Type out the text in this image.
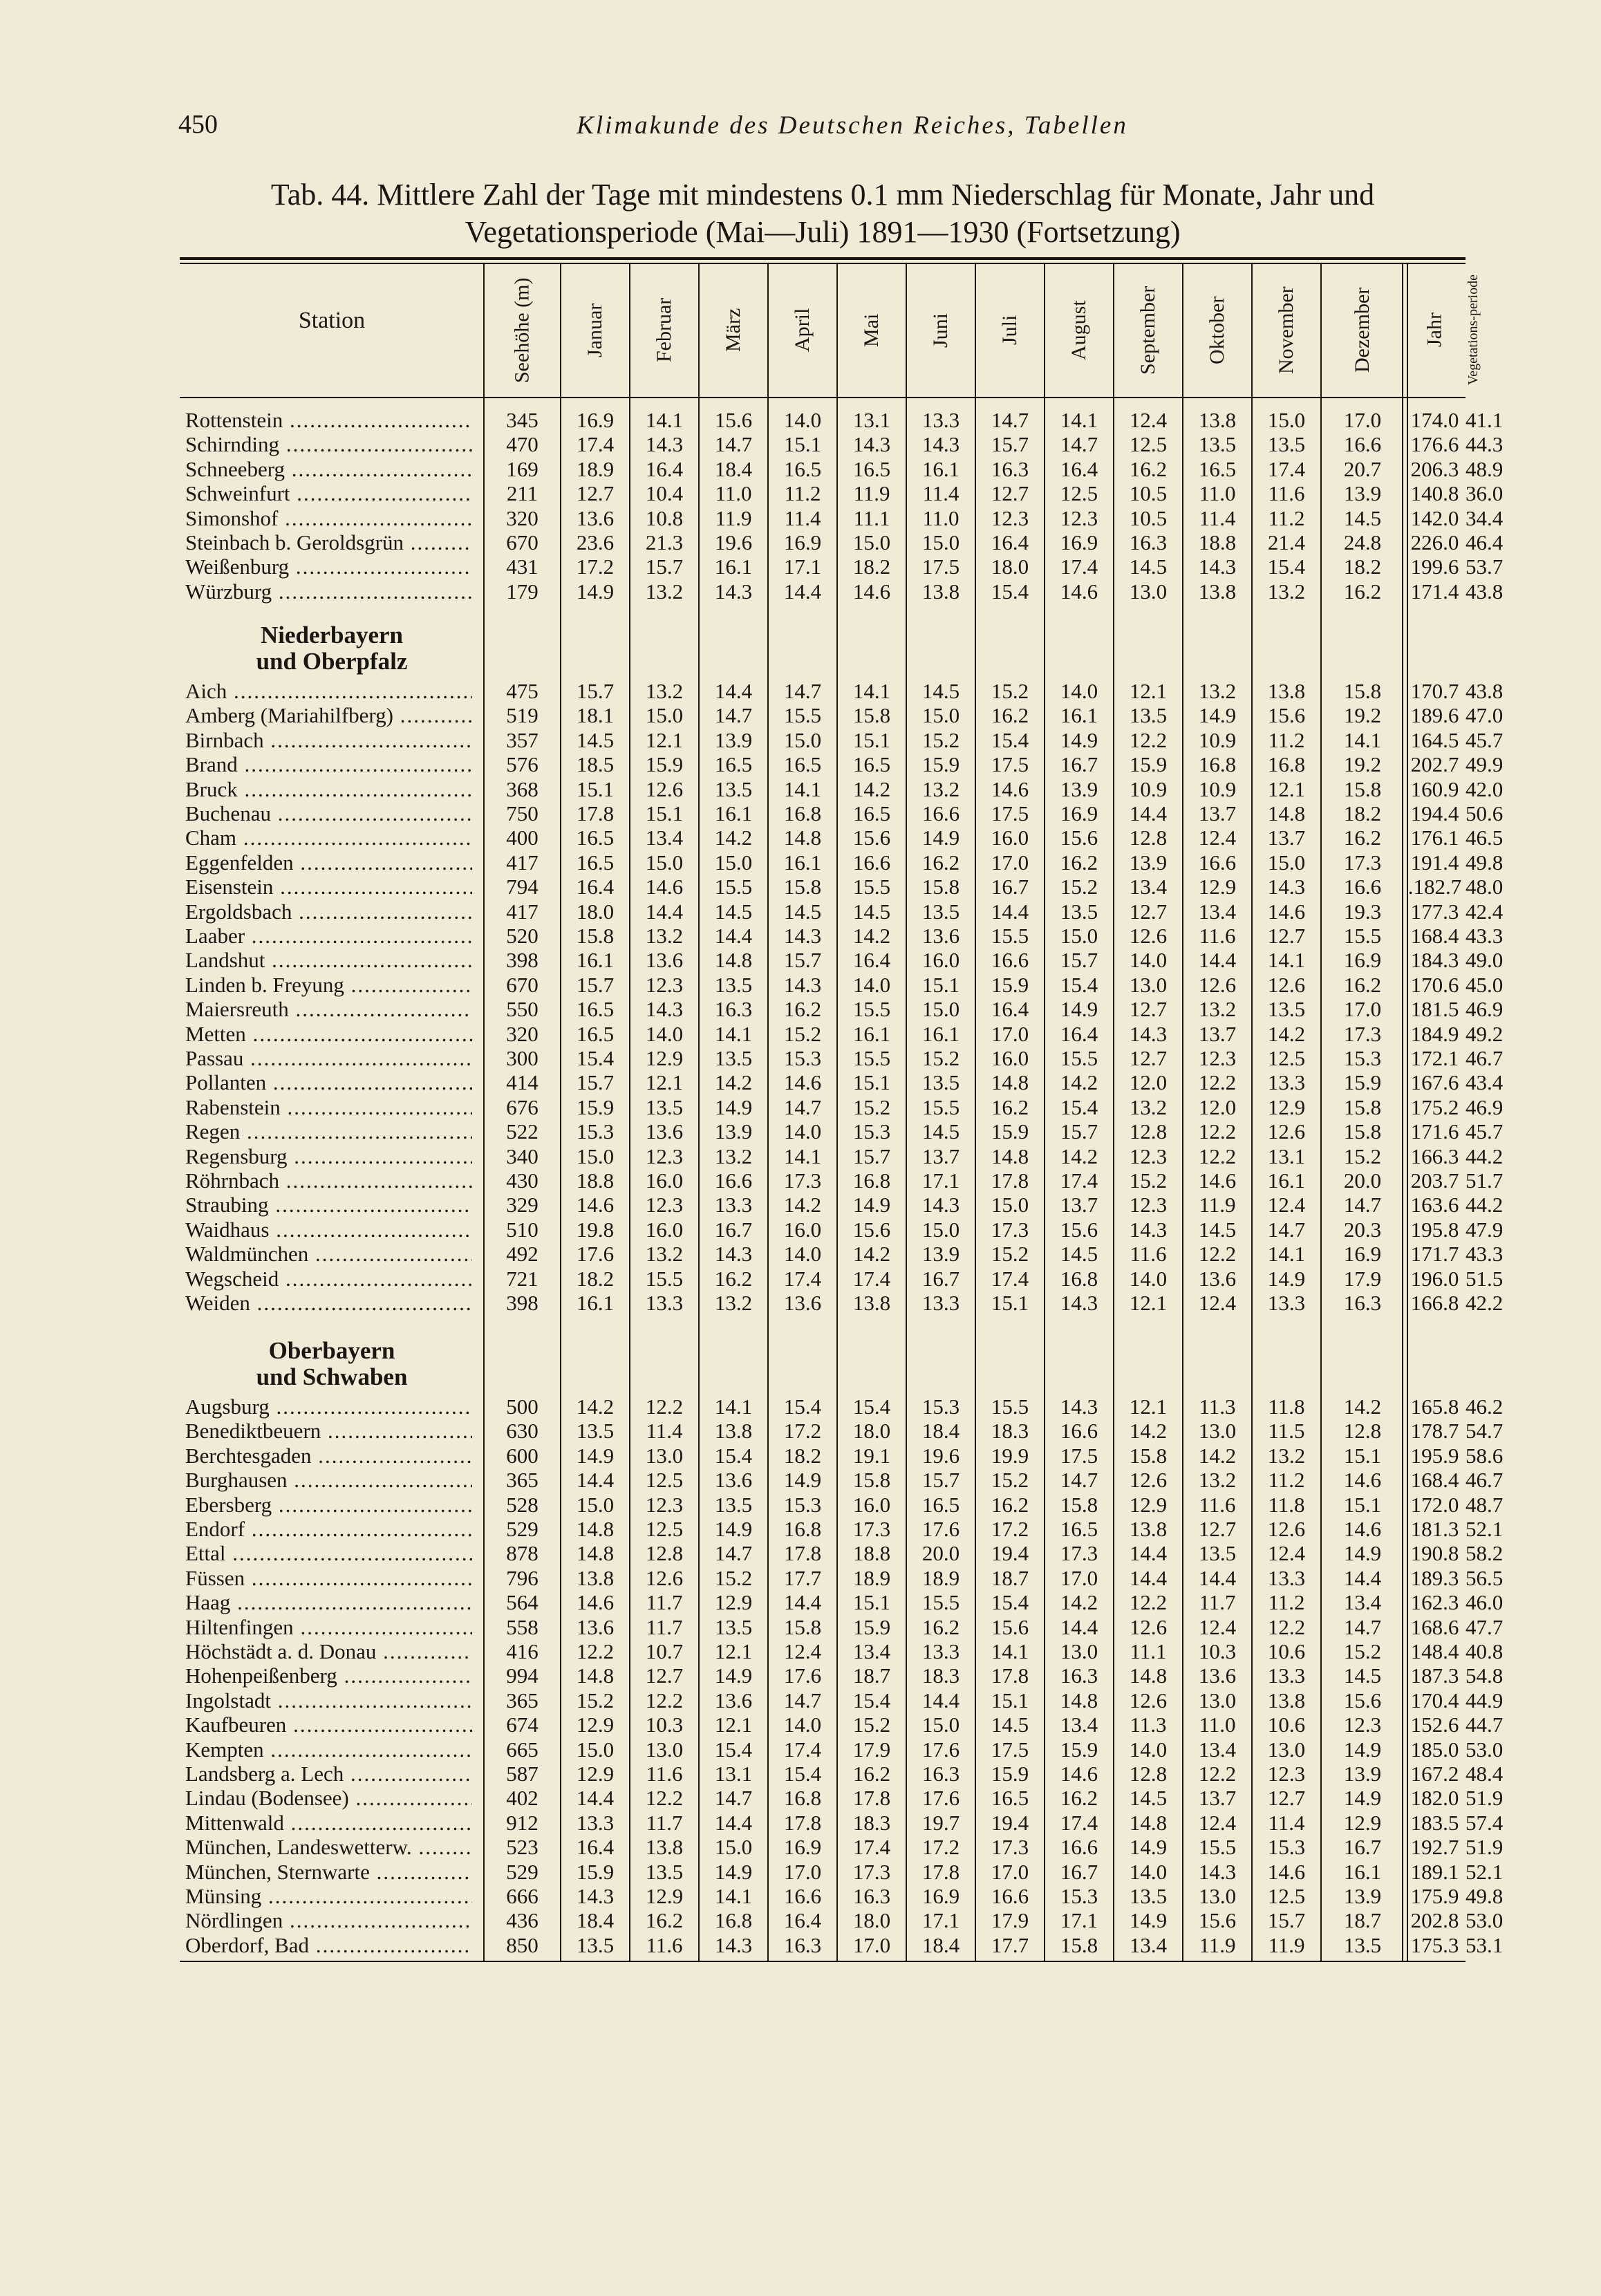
450	Klimakunde des Deutschen Reiches, Tabellen
Tab. 44. Mittlere Zahl der Tage mit mindestens 0.1 mm Niederschlag für Monate, Jahr und
Vegetationsperiode (Mai—Juli) 1891—1930 (Fortsetzung)
Station	Seehöhe (m)	Januar	Februar	März	April	Mai	Juni	Juli	August	September	Oktober	November	Dezember	Jahr	Vegetations-periode
Rottenstein .....	345	16.9	14.1	15.6	14.0	13.1	13.3	14.7	14.1	12.4	13.8	15.0	17.0	174.0 41.1
Schirnding .....	470	17.4	14.3	14.7	15.1	14.3	14.3	15.7	14.7	12.5	13.5	13.5	16.6	176.6 44.3
Schneeberg .....	169	18.9	16.4	18.4	16.5	16.5	16.1	16.3	16.4	16.2	16.5	17.4	20.7	206.3 48.9
Schweinfurt .....	211	12.7	10.4	11.0	11.2	11.9	11.4	12.7	12.5	10.5	11.0	11.6	13.9	140.8 36.0
Simonshof .....	320	13.6	10.8	11.9	11.4	11.1	11.0	12.3	12.3	10.5	11.4	11.2	14.5	142.0 34.4
Steinbach b. Geroldsgrün .....	670	23.6	21.3	19.6	16.9	15.0	15.0	16.4	16.9	16.3	18.8	21.4	24.8	226.0 46.4
Weißenburg .....	431	17.2	15.7	16.1	17.1	18.2	17.5	18.0	17.4	14.5	14.3	15.4	18.2	199.6 53.7
Würzburg .....	179	14.9	13.2	14.3	14.4	14.6	13.8	15.4	14.6	13.0	13.8	13.2	16.2	171.4 43.8
Niederbayern und Oberpfalz
Aich .....	475	15.7	13.2	14.4	14.7	14.1	14.5	15.2	14.0	12.1	13.2	13.8	15.8	170.7 43.8
Amberg (Mariahilfberg) .....	519	18.1	15.0	14.7	15.5	15.8	15.0	16.2	16.1	13.5	14.9	15.6	19.2	189.6 47.0
Birnbach .....	357	14.5	12.1	13.9	15.0	15.1	15.2	15.4	14.9	12.2	10.9	11.2	14.1	164.5 45.7
Brand .....	576	18.5	15.9	16.5	16.5	16.5	15.9	17.5	16.7	15.9	16.8	16.8	19.2	202.7 49.9
Bruck .....	368	15.1	12.6	13.5	14.1	14.2	13.2	14.6	13.9	10.9	10.9	12.1	15.8	160.9 42.0
Buchenau .....	750	17.8	15.1	16.1	16.8	16.5	16.6	17.5	16.9	14.4	13.7	14.8	18.2	194.4 50.6
Cham .....	400	16.5	13.4	14.2	14.8	15.6	14.9	16.0	15.6	12.8	12.4	13.7	16.2	176.1 46.5
Eggenfelden .....	417	16.5	15.0	15.0	16.1	16.6	16.2	17.0	16.2	13.9	16.6	15.0	17.3	191.4 49.8
Eisenstein .....	794	16.4	14.6	15.5	15.8	15.5	15.8	16.7	15.2	13.4	12.9	14.3	16.6	.182.7 48.0
Ergoldsbach .....	417	18.0	14.4	14.5	14.5	14.5	13.5	14.4	13.5	12.7	13.4	14.6	19.3	177.3 42.4
Laaber .....	520	15.8	13.2	14.4	14.3	14.2	13.6	15.5	15.0	12.6	11.6	12.7	15.5	168.4 43.3
Landshut .....	398	16.1	13.6	14.8	15.7	16.4	16.0	16.6	15.7	14.0	14.4	14.1	16.9	184.3 49.0
Linden b. Freyung .....	670	15.7	12.3	13.5	14.3	14.0	15.1	15.9	15.4	13.0	12.6	12.6	16.2	170.6 45.0
Maiersreuth .....	550	16.5	14.3	16.3	16.2	15.5	15.0	16.4	14.9	12.7	13.2	13.5	17.0	181.5 46.9
Metten .....	320	16.5	14.0	14.1	15.2	16.1	16.1	17.0	16.4	14.3	13.7	14.2	17.3	184.9 49.2
Passau .....	300	15.4	12.9	13.5	15.3	15.5	15.2	16.0	15.5	12.7	12.3	12.5	15.3	172.1 46.7
Pollanten .....	414	15.7	12.1	14.2	14.6	15.1	13.5	14.8	14.2	12.0	12.2	13.3	15.9	167.6 43.4
Rabenstein .....	676	15.9	13.5	14.9	14.7	15.2	15.5	16.2	15.4	13.2	12.0	12.9	15.8	175.2 46.9
Regen .....	522	15.3	13.6	13.9	14.0	15.3	14.5	15.9	15.7	12.8	12.2	12.6	15.8	171.6 45.7
Regensburg .....	340	15.0	12.3	13.2	14.1	15.7	13.7	14.8	14.2	12.3	12.2	13.1	15.2	166.3 44.2
Röhrnbach .....	430	18.8	16.0	16.6	17.3	16.8	17.1	17.8	17.4	15.2	14.6	16.1	20.0	203.7 51.7
Straubing .....	329	14.6	12.3	13.3	14.2	14.9	14.3	15.0	13.7	12.3	11.9	12.4	14.7	163.6 44.2
Waidhaus .....	510	19.8	16.0	16.7	16.0	15.6	15.0	17.3	15.6	14.3	14.5	14.7	20.3	195.8 47.9
Waldmünchen .....	492	17.6	13.2	14.3	14.0	14.2	13.9	15.2	14.5	11.6	12.2	14.1	16.9	171.7 43.3
Wegscheid .....	721	18.2	15.5	16.2	17.4	17.4	16.7	17.4	16.8	14.0	13.6	14.9	17.9	196.0 51.5
Weiden .....	398	16.1	13.3	13.2	13.6	13.8	13.3	15.1	14.3	12.1	12.4	13.3	16.3	166.8 42.2
Oberbayern und Schwaben
Augsburg .....	500	14.2	12.2	14.1	15.4	15.4	15.3	15.5	14.3	12.1	11.3	11.8	14.2	165.8 46.2
Benediktbeuern .....	630	13.5	11.4	13.8	17.2	18.0	18.4	18.3	16.6	14.2	13.0	11.5	12.8	178.7 54.7
Berchtesgaden .....	600	14.9	13.0	15.4	18.2	19.1	19.6	19.9	17.5	15.8	14.2	13.2	15.1	195.9 58.6
Burghausen .....	365	14.4	12.5	13.6	14.9	15.8	15.7	15.2	14.7	12.6	13.2	11.2	14.6	168.4 46.7
Ebersberg .....	528	15.0	12.3	13.5	15.3	16.0	16.5	16.2	15.8	12.9	11.6	11.8	15.1	172.0 48.7
Endorf .....	529	14.8	12.5	14.9	16.8	17.3	17.6	17.2	16.5	13.8	12.7	12.6	14.6	181.3 52.1
Ettal .....	878	14.8	12.8	14.7	17.8	18.8	20.0	19.4	17.3	14.4	13.5	12.4	14.9	190.8 58.2
Füssen .....	796	13.8	12.6	15.2	17.7	18.9	18.9	18.7	17.0	14.4	14.4	13.3	14.4	189.3 56.5
Haag .....	564	14.6	11.7	12.9	14.4	15.1	15.5	15.4	14.2	12.2	11.7	11.2	13.4	162.3 46.0
Hiltenfingen .....	558	13.6	11.7	13.5	15.8	15.9	16.2	15.6	14.4	12.6	12.4	12.2	14.7	168.6 47.7
Höchstädt a. d. Donau .....	416	12.2	10.7	12.1	12.4	13.4	13.3	14.1	13.0	11.1	10.3	10.6	15.2	148.4 40.8
Hohenpeißenberg .....	994	14.8	12.7	14.9	17.6	18.7	18.3	17.8	16.3	14.8	13.6	13.3	14.5	187.3 54.8
Ingolstadt .....	365	15.2	12.2	13.6	14.7	15.4	14.4	15.1	14.8	12.6	13.0	13.8	15.6	170.4 44.9
Kaufbeuren .....	674	12.9	10.3	12.1	14.0	15.2	15.0	14.5	13.4	11.3	11.0	10.6	12.3	152.6 44.7
Kempten .....	665	15.0	13.0	15.4	17.4	17.9	17.6	17.5	15.9	14.0	13.4	13.0	14.9	185.0 53.0
Landsberg a. Lech .....	587	12.9	11.6	13.1	15.4	16.2	16.3	15.9	14.6	12.8	12.2	12.3	13.9	167.2 48.4
Lindau (Bodensee) .....	402	14.4	12.2	14.7	16.8	17.8	17.6	16.5	16.2	14.5	13.7	12.7	14.9	182.0 51.9
Mittenwald .....	912	13.3	11.7	14.4	17.8	18.3	19.7	19.4	17.4	14.8	12.4	11.4	12.9	183.5 57.4
München, Landeswetterw. .....	523	16.4	13.8	15.0	16.9	17.4	17.2	17.3	16.6	14.9	15.5	15.3	16.7	192.7 51.9
München, Sternwarte .....	529	15.9	13.5	14.9	17.0	17.3	17.8	17.0	16.7	14.0	14.3	14.6	16.1	189.1 52.1
Münsing .....	666	14.3	12.9	14.1	16.6	16.3	16.9	16.6	15.3	13.5	13.0	12.5	13.9	175.9 49.8
Nördlingen .....	436	18.4	16.2	16.8	16.4	18.0	17.1	17.9	17.1	14.9	15.6	15.7	18.7	202.8 53.0
Oberdorf, Bad .....	850	13.5	11.6	14.3	16.3	17.0	18.4	17.7	15.8	13.4	11.9	11.9	13.5	175.3 53.1
